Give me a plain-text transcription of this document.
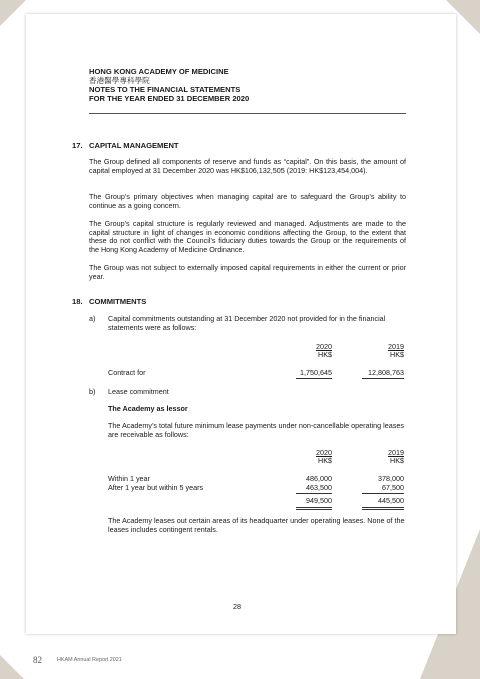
HONG KONG ACADEMY OF MEDICINE
香港醫學專科學院
NOTES TO THE FINANCIAL STATEMENTS
FOR THE YEAR ENDED 31 DECEMBER 2020
17. CAPITAL MANAGEMENT
The Group defined all components of reserve and funds as “capital”. On this basis, the amount of capital employed at 31 December 2020 was HK$106,132,505 (2019: HK$123,454,004).
The Group’s primary objectives when managing capital are to safeguard the Group’s ability to continue as a going concern.
The Group’s capital structure is regularly reviewed and managed. Adjustments are made to the capital structure in light of changes in economic conditions affecting the Group, to the extent that these do not conflict with the Council’s fiduciary duties towards the Group or the requirements of the Hong Kong Academy of Medicine Ordinance.
The Group was not subject to externally imposed capital requirements in either the current or prior year.
18. COMMITMENTS
a) Capital commitments outstanding at 31 December 2020 not provided for in the financial statements were as follows:
2020	2019
HK$	HK$
Contract for	1,750,645	12,808,763
b) Lease commitment
The Academy as lessor
The Academy’s total future minimum lease payments under non-cancellable operating leases are receivable as follows:
2020	2019
HK$	HK$
Within 1 year	486,000	378,000
After 1 year but within 5 years	463,500	67,500
949,500	445,500
The Academy leases out certain areas of its headquarter under operating leases. None of the leases includes contingent rentals.
28
82	HKAM Annual Report 2021
